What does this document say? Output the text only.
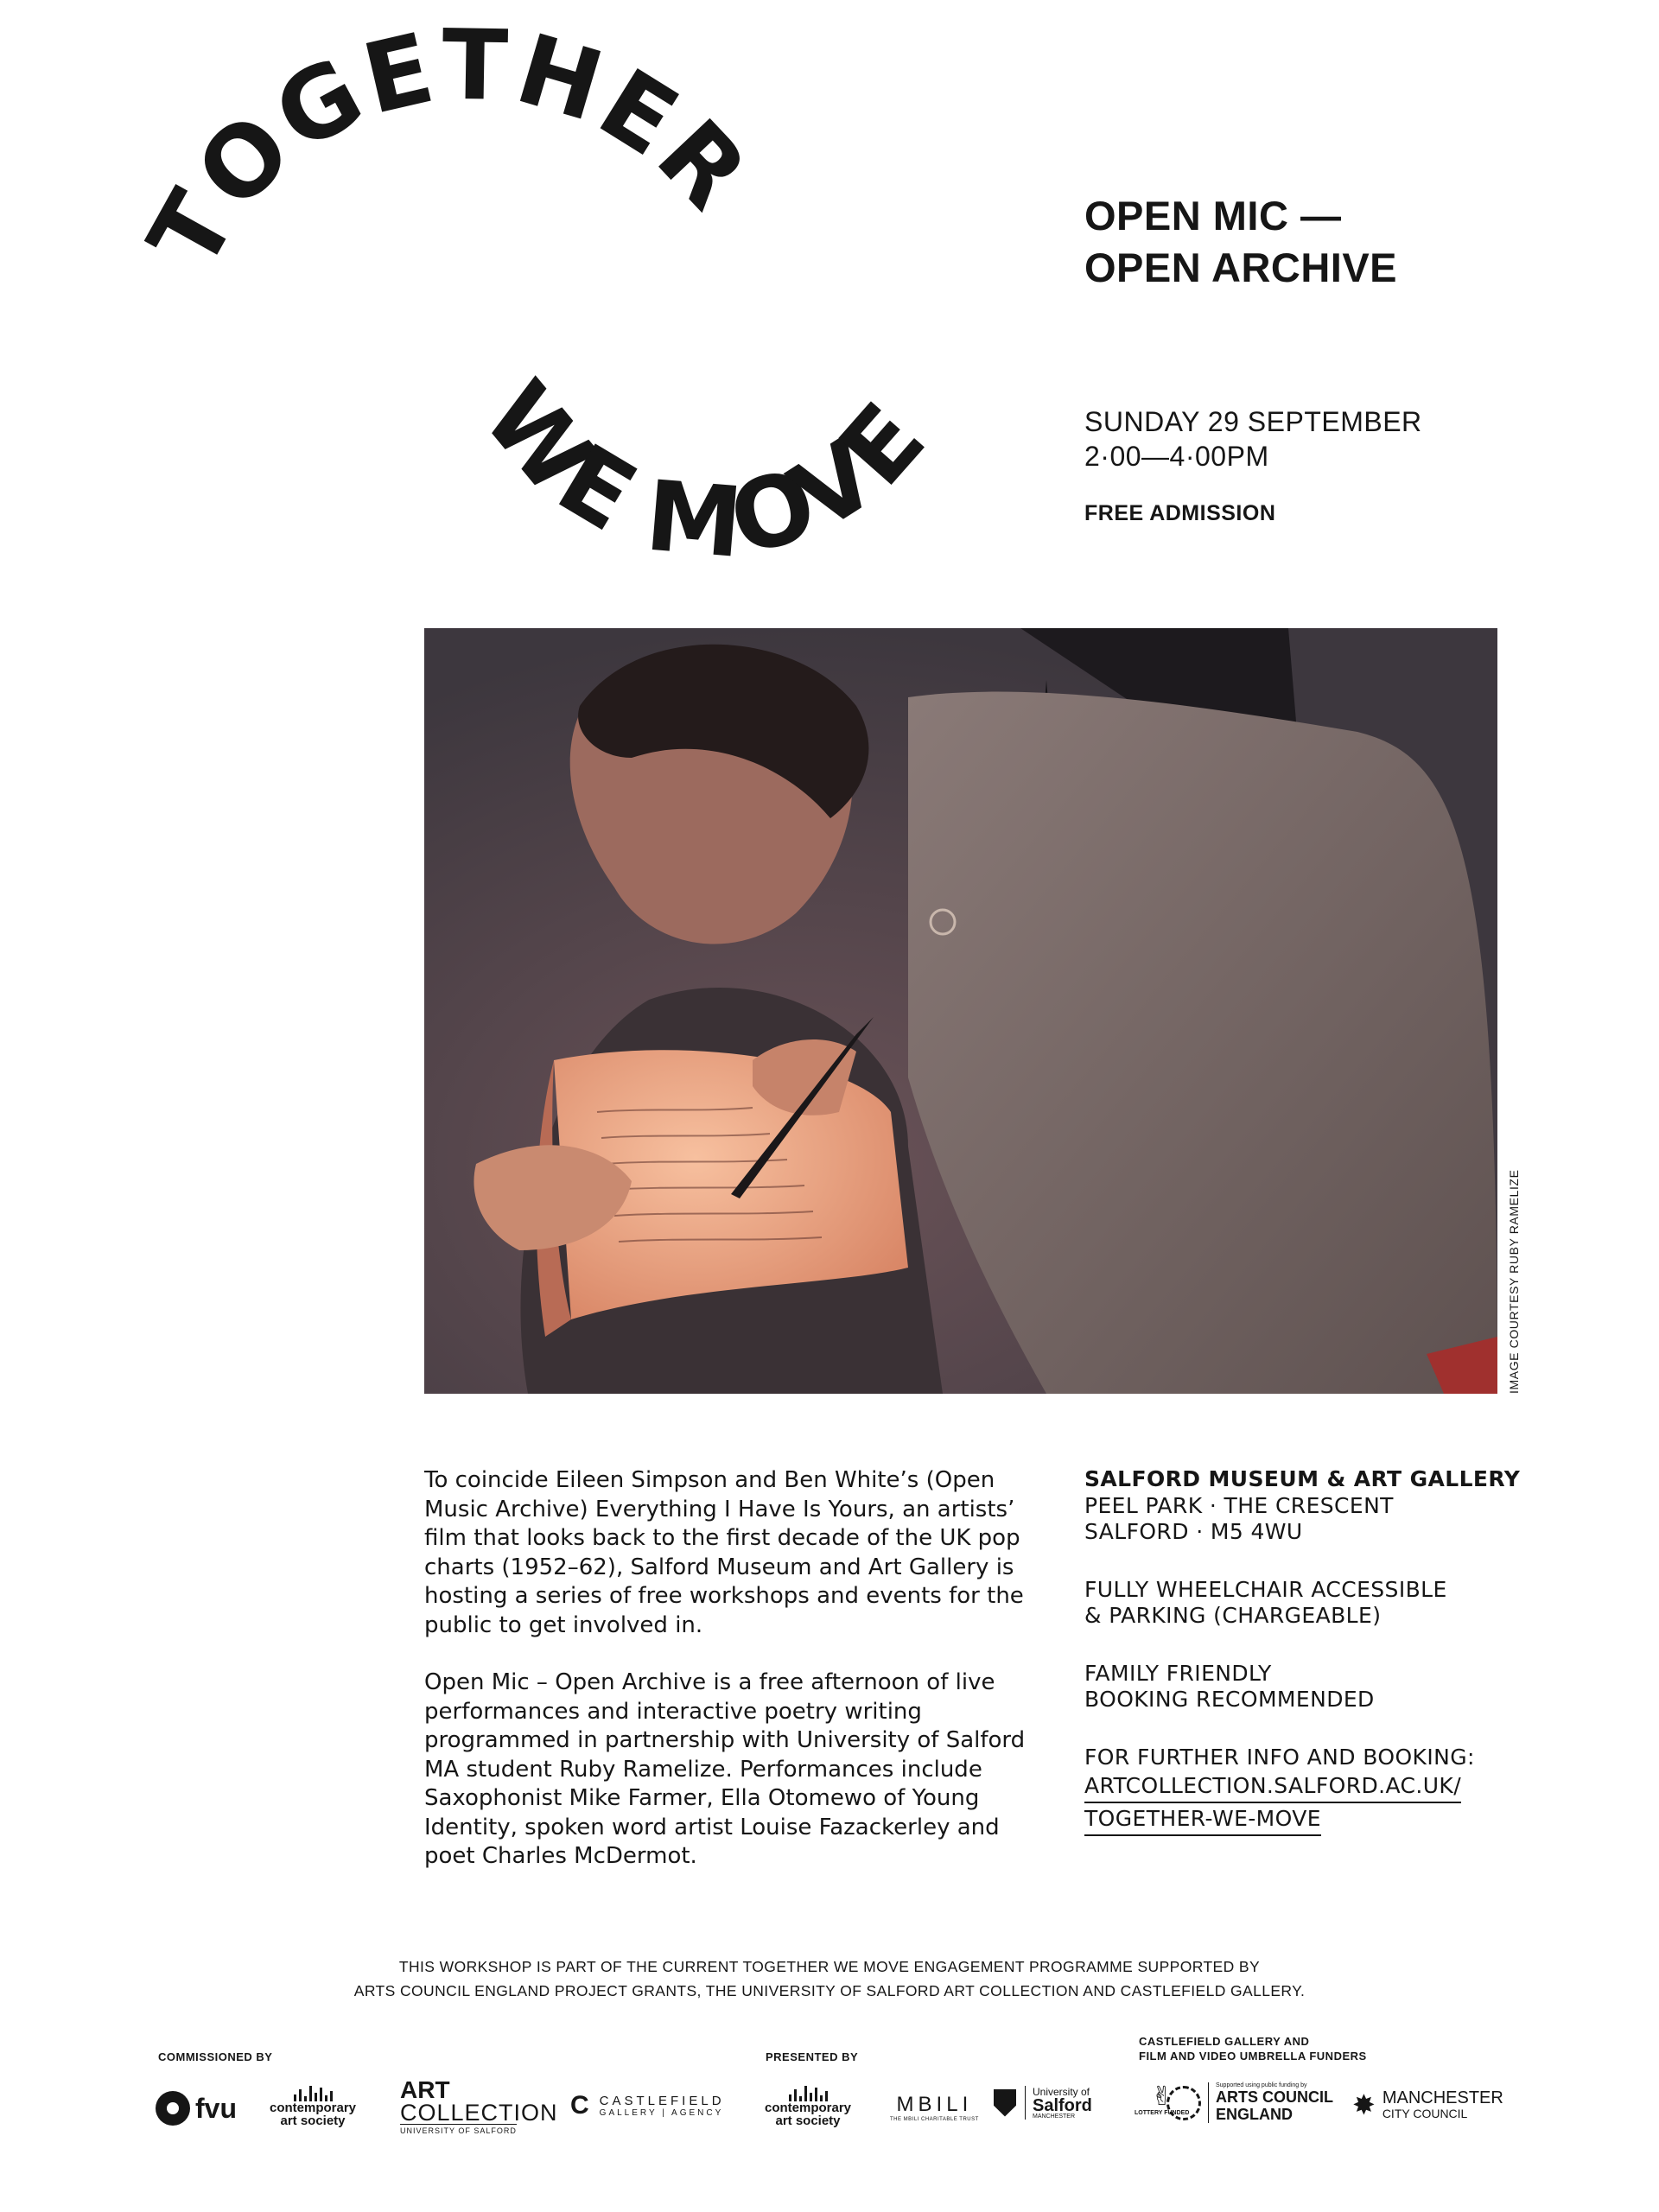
TOGETHER
WE MOVE
OPEN MIC —
OPEN ARCHIVE
SUNDAY 29 SEPTEMBER
2·00—4·00PM
FREE ADMISSION
IMAGE COURTESY RUBY RAMELIZE

To coincide Eileen Simpson and Ben White’s (Open Music Archive) Everything I Have Is Yours, an artists’ film that looks back to the first decade of the UK pop charts (1952–62), Salford Museum and Art Gallery is hosting a series of free workshops and events for the public to get involved in.

Open Mic – Open Archive is a free afternoon of live performances and interactive poetry writing programmed in partnership with University of Salford MA student Ruby Ramelize. Performances include Saxophonist Mike Farmer, Ella Otomewo of Young Identity, spoken word artist Louise Fazackerley and poet Charles McDermot.

SALFORD MUSEUM & ART GALLERY
PEEL PARK · THE CRESCENT
SALFORD · M5 4WU
FULLY WHEELCHAIR ACCESSIBLE
& PARKING (CHARGEABLE)
FAMILY FRIENDLY
BOOKING RECOMMENDED
FOR FURTHER INFO AND BOOKING:
ARTCOLLECTION.SALFORD.AC.UK/
TOGETHER-WE-MOVE
THIS WORKSHOP IS PART OF THE CURRENT TOGETHER WE MOVE ENGAGEMENT PROGRAMME SUPPORTED BY
ARTS COUNCIL ENGLAND PROJECT GRANTS, THE UNIVERSITY OF SALFORD ART COLLECTION AND CASTLEFIELD GALLERY.
COMMISSIONED BY	PRESENTED BY
CASTLEFIELD GALLERY AND
FILM AND VIDEO UMBRELLA FUNDERS
fvu	contemporary
art society
ART
COLLECTION
UNIVERSITY OF SALFORD
C CASTLEFIELD
GALLERY | AGENCY	contemporary
art society
MBILI
THE MBILI CHARITABLE TRUST
University of
Salford
MANCHESTER
✌
LOTTERY FUNDED
Supported using public funding by
ARTS COUNCIL
ENGLAND	✸ MANCHESTER
CITY COUNCIL
